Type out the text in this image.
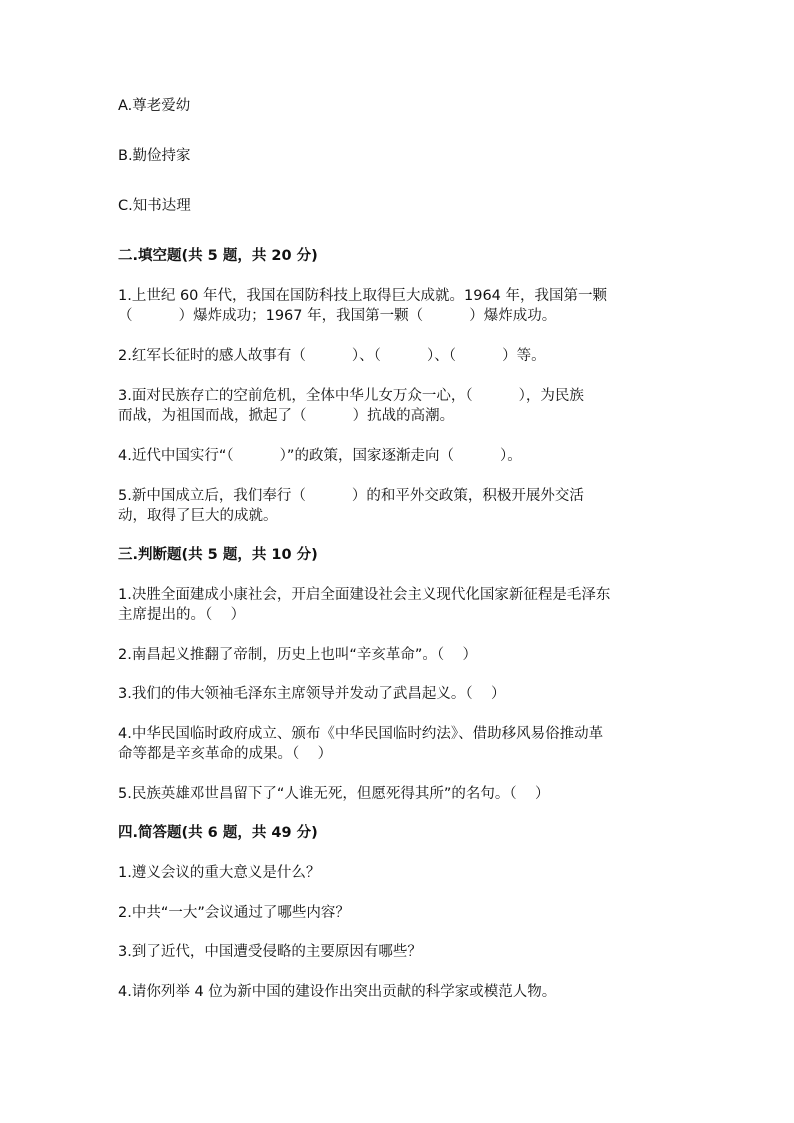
A.尊老爱幼
B.勤俭持家
C.知书达理
二.填空题(共 5 题，共 20 分)
1.上世纪 60 年代，我国在国防科技上取得巨大成就。1964 年，我国第一颗
（          ）爆炸成功；1967 年，我国第一颗（          ）爆炸成功。
2.红军长征时的感人故事有（          ）、（          ）、（          ）等。
3.面对民族存亡的空前危机，全体中华儿女万众一心，（          ），为民族
而战，为祖国而战，掀起了（          ）抗战的高潮。
4.近代中国实行“（          ）”的政策，国家逐渐走向（          ）。
5.新中国成立后，我们奉行（          ）的和平外交政策，积极开展外交活
动，取得了巨大的成就。
三.判断题(共 5 题，共 10 分)
1.决胜全面建成小康社会，开启全面建设社会主义现代化国家新征程是毛泽东
主席提出的。（    ）
2.南昌起义推翻了帝制，历史上也叫“辛亥革命”。（    ）
3.我们的伟大领袖毛泽东主席领导并发动了武昌起义。（    ）
4.中华民国临时政府成立、颁布《中华民国临时约法》、借助移风易俗推动革
命等都是辛亥革命的成果。（    ）
5.民族英雄邓世昌留下了“人谁无死，但愿死得其所”的名句。（    ）
四.简答题(共 6 题，共 49 分)
1.遵义会议的重大意义是什么？
2.中共“一大”会议通过了哪些内容？
3.到了近代，中国遭受侵略的主要原因有哪些？
4.请你列举 4 位为新中国的建设作出突出贡献的科学家或模范人物。
